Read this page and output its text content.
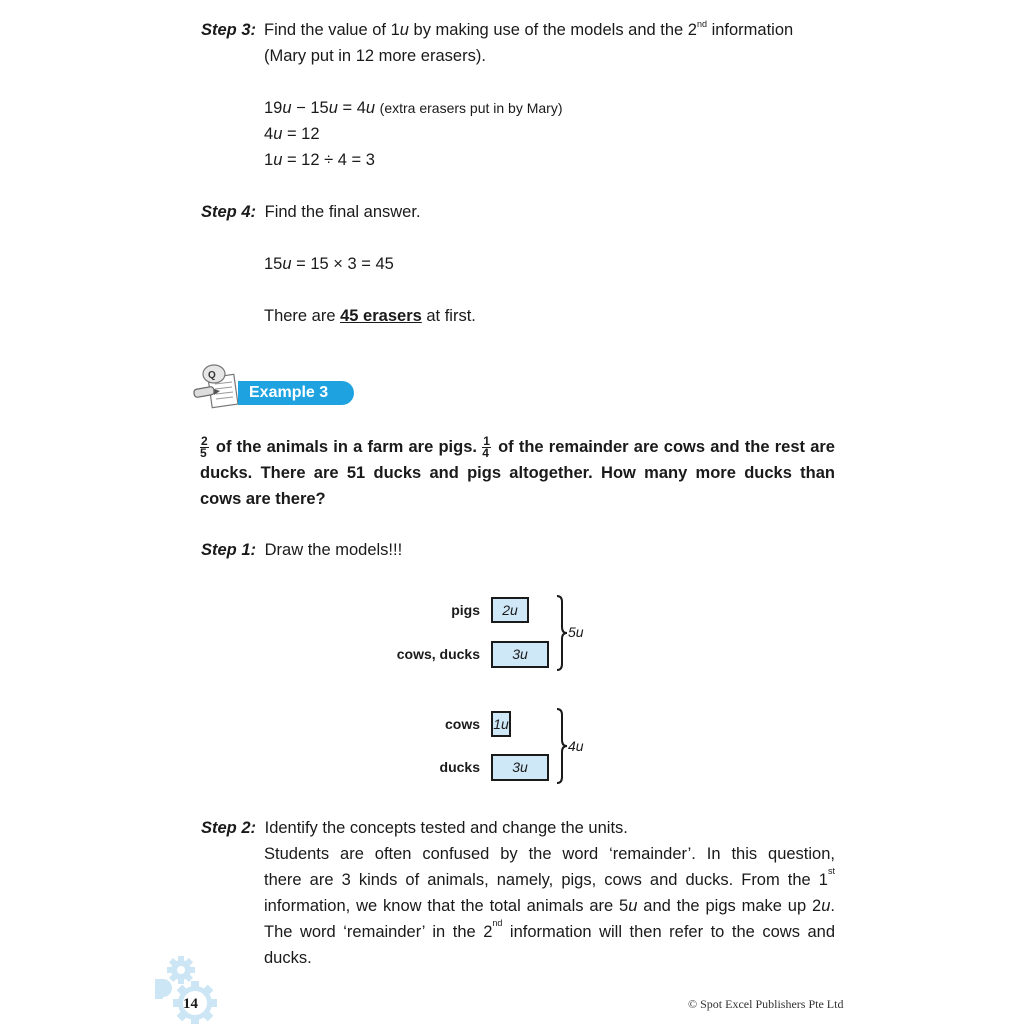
Step 3: Find the value of 1u by making use of the models and the 2nd information
(Mary put in 12 more erasers).
19u − 15u = 4u (extra erasers put in by Mary)
4u = 12
1u = 12 ÷ 4 = 3
Step 4: Find the final answer.
15u = 15 × 3 = 45
There are 45 erasers at first.
Q
Example 3
$\frac{2}{5}$ of the animals in a farm are pigs. $\frac{1}{4}$ of the remainder are cows and the rest are
ducks. There are 51 ducks and pigs altogether. How many more ducks than
cows are there?
Step 1: Draw the models!!!
pigs	2u
cows, ducks	3u
5u
cows 1u
ducks	3u
4u
Step 2: Identify the concepts tested and change the units.
Students are often confused by the word ‘remainder’. In this question,
there are 3 kinds of animals, namely, pigs, cows and ducks. From the 1st
information, we know that the total animals are 5u and the pigs make up 2u.
The word ‘remainder’ in the 2nd information will then refer to the cows and
ducks.
14	© Spot Excel Publishers Pte Ltd
